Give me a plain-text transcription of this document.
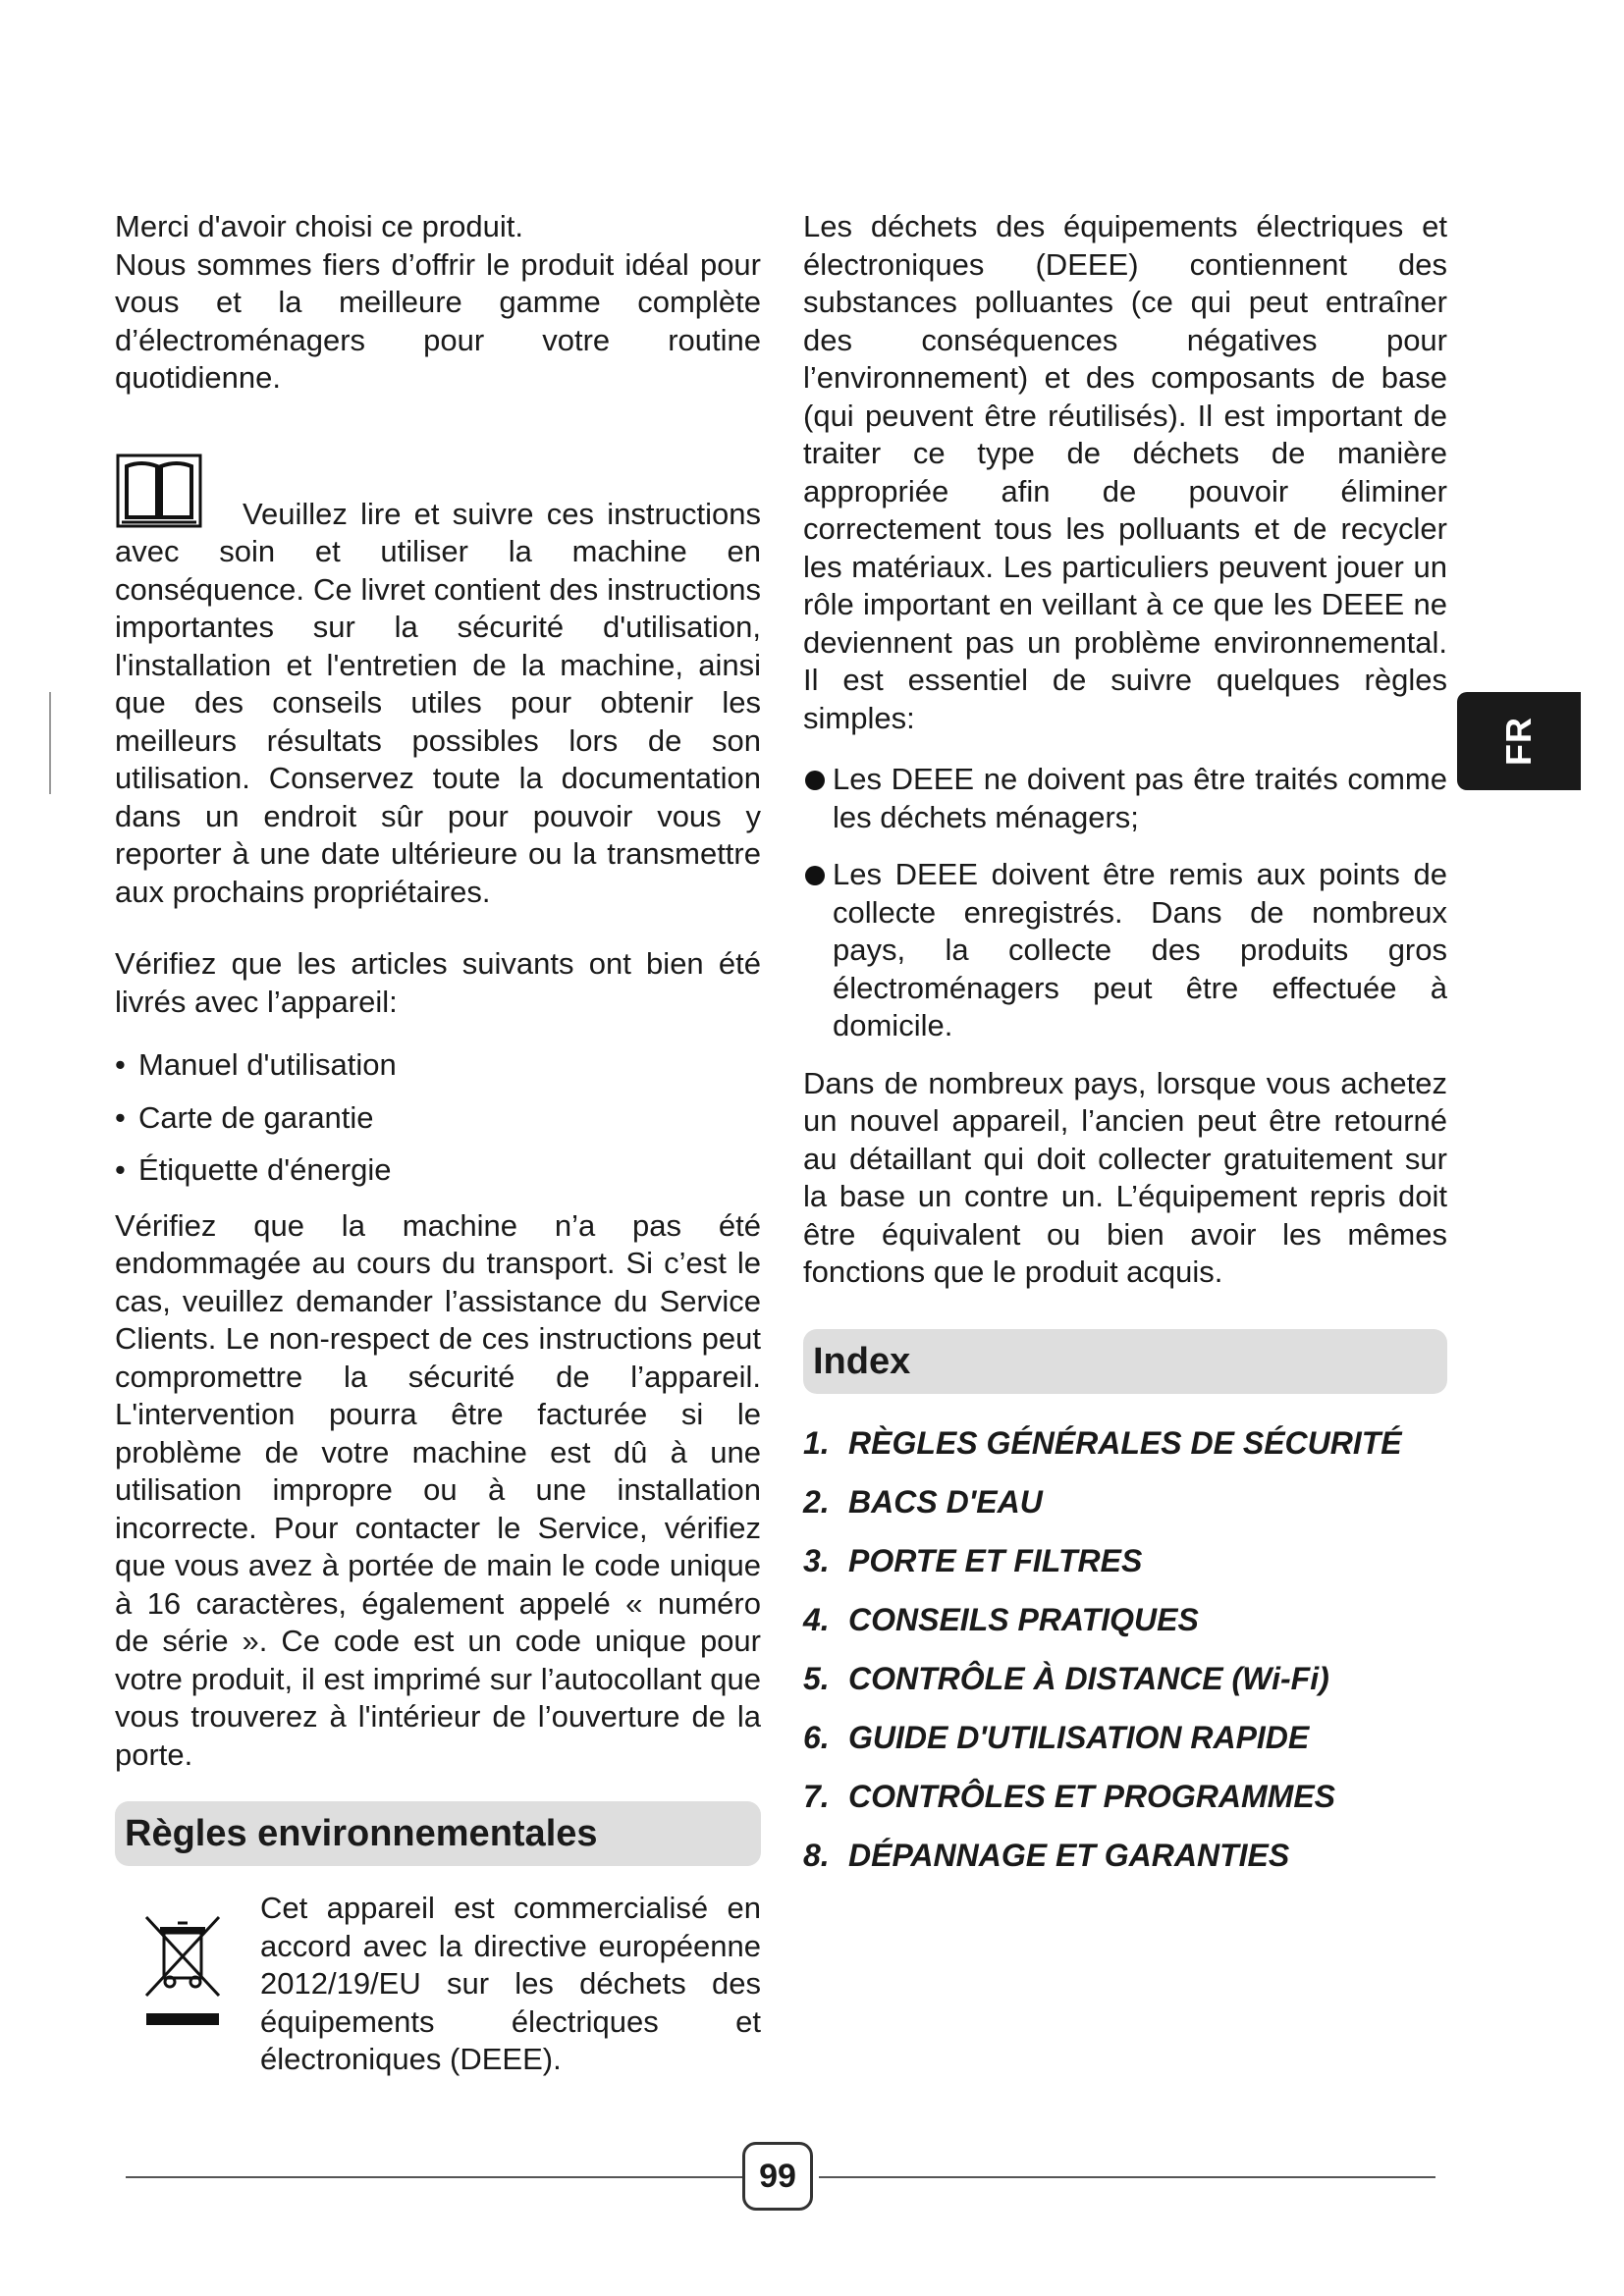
Merci d'avoir choisi ce produit.

Nous sommes fiers d’offrir le produit idéal pour vous et la meilleure gamme complète d’électroménagers pour votre routine quotidienne.

Veuillez lire et suivre ces instructions avec soin et utiliser la machine en conséquence. Ce livret contient des instructions importantes sur la sécurité d'utilisation, l'installation et l'entretien de la machine, ainsi que des conseils utiles pour obtenir les meilleurs résultats possibles lors de son utilisation. Conservez toute la documentation dans un endroit sûr pour pouvoir vous y reporter à une date ultérieure ou la transmettre aux prochains propriétaires.

Vérifiez que les articles suivants ont bien été livrés avec l’appareil:

• Manuel d'utilisation
• Carte de garantie
• Étiquette d'énergie

Vérifiez que la machine n’a pas été endommagée au cours du transport. Si c’est le cas, veuillez demander l’assistance du Service Clients. Le non-respect de ces instructions peut compromettre la sécurité de l’appareil. L'intervention pourra être facturée si le problème de votre machine est dû à une utilisation impropre ou à une installation incorrecte. Pour contacter le Service, vérifiez que vous avez à portée de main le code unique à 16 caractères, également appelé « numéro de série ». Ce code est un code unique pour votre produit, il est imprimé sur l’autocollant que vous trouverez à l'intérieur de l’ouverture de la porte.

Règles environnementales

Cet appareil est commercialisé en accord avec la directive européenne 2012/19/EU sur les déchets des équipements électriques et électroniques (DEEE).

Les déchets des équipements électriques et électroniques (DEEE) contiennent des substances polluantes (ce qui peut entraîner des conséquences négatives pour l’environnement) et des composants de base (qui peuvent être réutilisés). Il est important de traiter ce type de déchets de manière appropriée afin de pouvoir éliminer correctement tous les polluants et de recycler les matériaux. Les particuliers peuvent jouer un rôle important en veillant à ce que les DEEE ne deviennent pas un problème environnemental. Il est essentiel de suivre quelques règles simples:

Les DEEE ne doivent pas être traités comme les déchets ménagers;
Les DEEE doivent être remis aux points de collecte enregistrés. Dans de nombreux pays, la collecte des produits gros électroménagers peut être effectuée à domicile.

Dans de nombreux pays, lorsque vous achetez un nouvel appareil, l’ancien peut être retourné au détaillant qui doit collecter gratuitement sur la base un contre un. L’équipement repris doit être équivalent ou bien avoir les mêmes fonctions que le produit acquis.

Index
1. RÈGLES GÉNÉRALES DE SÉCURITÉ
2. BACS D'EAU
3. PORTE ET FILTRES
4. CONSEILS PRATIQUES
5. CONTRÔLE À DISTANCE (Wi-Fi)
6. GUIDE D'UTILISATION RAPIDE
7. CONTRÔLES ET PROGRAMMES
8. DÉPANNAGE ET GARANTIES
FR
99
